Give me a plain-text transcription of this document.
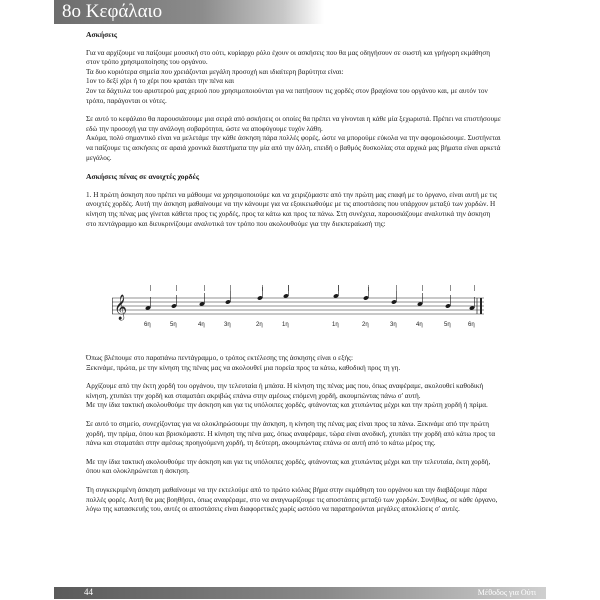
8ο Κεφάλαιο

Ασκήσεις

Για να αρχίζουμε να παίζουμε μουσική στο ούτι, κυρίαρχο ρόλο έχουν οι ασκήσεις που θα μας οδηγήσουν σε σωστή και γρήγορη εκμάθηση στον τρόπο χρησιμοποίησης του οργάνου.

Τα δυο κυριότερα σημεία που χρειάζονται μεγάλη προσοχή και ιδιαίτερη βαρύτητα είναι:

1ον το δεξί χέρι ή το χέρι που κρατάει την πένα και

2ον τα δάχτυλα του αριστερού μας χεριού που χρησιμοποιούνται για να πατήσουν τις χορδές στον βραχίονα του οργάνου και, με αυτόν τον τρόπο, παράγονται οι νότες.

Σε αυτό το κεφάλαιο θα παρουσιάσουμε μια σειρά από ασκήσεις οι οποίες θα πρέπει να γίνονται η κάθε μία ξεχωριστά. Πρέπει να επιστήσουμε εδώ την προσοχή για την ανάλογη σοβαρότητα, ώστε να αποφύγουμε τυχόν λάθη.

Ακόμα, πολύ σημαντικό είναι να μελετάμε την κάθε άσκηση πάρα πολλές φορές, ώστε να μπορούμε εύκολα να την αφομοιώσουμε. Συστήνεται να παίζουμε τις ασκήσεις σε αραιά χρονικά διαστήματα την μία από την άλλη, επειδή ο βαθμός δυσκολίας στα αρχικά μας βήματα είναι αρκετά μεγάλος.

Ασκήσεις πένας σε ανοιχτές χορδές

1. Η πρώτη άσκηση που πρέπει να μάθουμε να χρησιμοποιούμε και να χειριζόμαστε από την πρώτη μας επαφή με το όργανο, είναι αυτή με τις ανοιχτές χορδές. Αυτή την άσκηση μαθαίνουμε να την κάνουμε για να εξοικειωθούμε με τις αποστάσεις που υπάρχουν μεταξύ των χορδών. Η κίνηση της πένας μας γίνεται κάθετα προς τις χορδές, προς τα κάτω και προς τα πάνω. Στη συνέχεια, παρουσιάζουμε αναλυτικά την άσκηση στο πεντάγραμμο και διευκρινίζουμε αναλυτικά τον τρόπο που ακολουθούμε για την διεκπεραίωσή της:

𝄞
6η	5η	4η	3η	2η	1η	1η	2η	3η	4η	5η	6η

Όπως βλέπουμε στο παραπάνω πεντάγραμμο, ο τρόπος εκτέλεσης της άσκησης είναι ο εξής:

Ξεκινάμε, πρώτα, με την κίνηση της πένας μας να ακολουθεί μια πορεία προς τα κάτω, καθοδική προς τη γη.

Αρχίζουμε από την έκτη χορδή του οργάνου, την τελευταία ή μπάσα. Η κίνηση της πένας μας που, όπως αναφέραμε, ακολουθεί καθοδική κίνηση, χτυπάει την χορδή και σταματάει ακριβώς επάνω στην αμέσως επόμενη χορδή, ακουμπώντας πάνω σ' αυτή.

Με την ίδια τακτική ακολουθούμε την άσκηση και για τις υπόλοιπες χορδές, φτάνοντας και χτυπώντας μέχρι και την πρώτη χορδή ή πρίμα.

Σε αυτό το σημείο, συνεχίζοντας για να ολοκληρώσουμε την άσκηση, η κίνηση της πένας μας είναι προς τα πάνω. Ξεκινάμε από την πρώτη χορδή, την πρίμα, όπου και βρισκόμαστε. Η κίνηση της πένα μας, όπως αναφέραμε, τώρα είναι ανοδική, χτυπάει την χορδή από κάτω προς τα πάνω και σταματάει στην αμέσως προηγούμενη χορδή, τη δεύτερη, ακουμπώντας επάνω σε αυτή από το κάτω μέρος της.

Με την ίδια τακτική ακολουθούμε την άσκηση και για τις υπόλοιπες χορδές, φτάνοντας και χτυπώντας μέχρι και την τελευταία, έκτη χορδή, όπου και ολοκληρώνεται η άσκηση.

Τη συγκεκριμένη άσκηση μαθαίνουμε να την εκτελούμε από το πρώτο κιόλας βήμα στην εκμάθηση του οργάνου και την διαβάζουμε πάρα πολλές φορές. Αυτή θα μας βοηθήσει, όπως αναφέραμε, στο να αναγνωρίζουμε τις αποστάσεις μεταξύ των χορδών. Συνήθως, σε κάθε όργανο, λόγω της κατασκευής του, αυτές οι αποστάσεις είναι διαφορετικές χωρίς ωστόσο να παρατηρούνται μεγάλες αποκλίσεις σ' αυτές.

44	Μέθοδος για Ούτι
